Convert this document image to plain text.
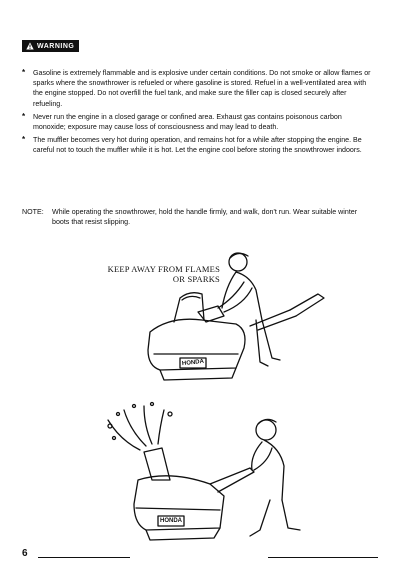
WARNING
* Gasoline is extremely flammable and is explosive under certain conditions. Do not smoke or allow flames or sparks where the snowthrower is refueled or where gasoline is stored. Refuel in a well-ventilated area with the engine stopped. Do not overfill the fuel tank, and make sure the filler cap is closed securely after refueling.
* Never run the engine in a closed garage or confined area. Exhaust gas contains poisonous carbon monoxide; exposure may cause loss of consciousness and may lead to death.
* The muffler becomes very hot during operation, and remains hot for a while after stopping the engine. Be careful not to touch the muffler while it is hot. Let the engine cool before storing the snowthrower indoors.
NOTE:	While operating the snowthrower, hold the handle firmly, and walk, don't run. Wear suitable winter boots that resist slipping.
KEEP AWAY FROM FLAMES
OR SPARKS
HONDA
HONDA
6
